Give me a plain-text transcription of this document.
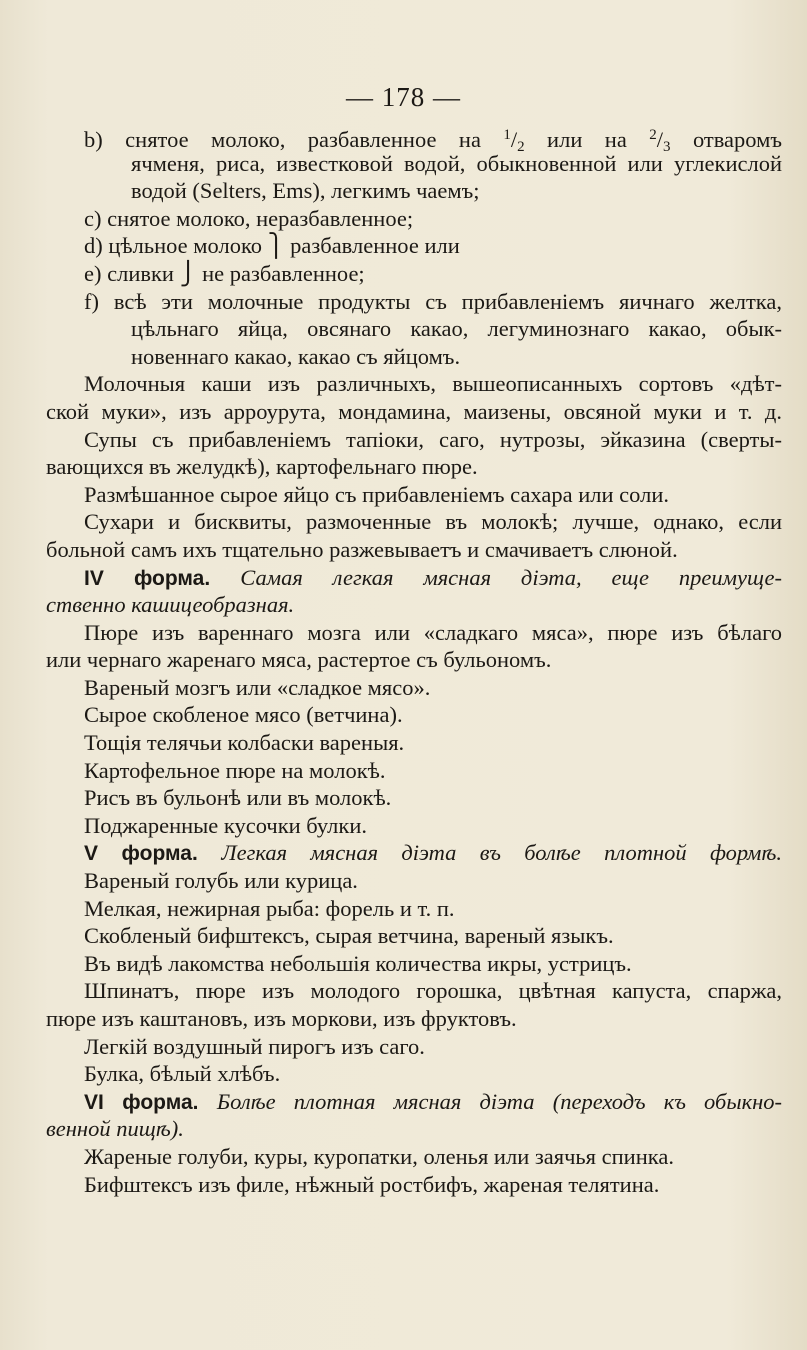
— 178 —
b) снятое молоко, разбавленное на $^1$/2 или на $^2$/3 отваромъ
ячменя, риса, известковой водой, обыкновенной или углекислой
водой (Selters, Ems), легкимъ чаемъ;
c) снятое молоко, неразбавленное;
d) цѣльное молоко ⎫ разбавленное или
e) сливки ⎭ не разбавленное;
f) всѣ эти молочные продукты съ прибавленіемъ яичнаго желтка,
цѣльнаго яйца, овсянаго какао, легуминознаго какао, обык-
новеннаго какао, какао съ яйцомъ.
Молочныя каши изъ различныхъ, вышеописанныхъ сортовъ «дѣт-
ской муки», изъ арроурута, мондамина, маизены, овсяной муки и т. д.
Супы съ прибавленіемъ тапіоки, саго, нутрозы, эйказина (сверты-
вающихся въ желудкѣ), картофельнаго пюре.
Размѣшанное сырое яйцо съ прибавленіемъ сахара или соли.
Сухари и бисквиты, размоченные въ молокѣ; лучше, однако, если
больной самъ ихъ тщательно разжевываетъ и смачиваетъ слюной.
IV форма. Самая легкая мясная діэта, еще преимуще-
ственно кашицеобразная.
Пюре изъ вареннаго мозга или «сладкаго мяса», пюре изъ бѣлаго
или чернаго жаренаго мяса, растертое съ бульономъ.
Вареный мозгъ или «сладкое мясо».
Сырое скобленое мясо (ветчина).
Тощія телячьи колбаски вареныя.
Картофельное пюре на молокѣ.
Рисъ въ бульонѣ или въ молокѣ.
Поджаренные кусочки булки.
V форма. Легкая мясная діэта въ болѣе плотной формѣ.
Вареный голубь или курица.
Мелкая, нежирная рыба: форель и т. п.
Скобленый бифштексъ, сырая ветчина, вареный языкъ.
Въ видѣ лакомства небольшія количества икры, устрицъ.
Шпинатъ, пюре изъ молодого горошка, цвѣтная капуста, спаржа,
пюре изъ каштановъ, изъ моркови, изъ фруктовъ.
Легкій воздушный пирогъ изъ саго.
Булка, бѣлый хлѣбъ.
VI форма. Болѣе плотная мясная діэта (переходъ къ обыкно-
венной пищѣ).
Жареные голуби, куры, куропатки, оленья или заячья спинка.
Бифштексъ изъ филе, нѣжный ростбифъ, жареная телятина.
